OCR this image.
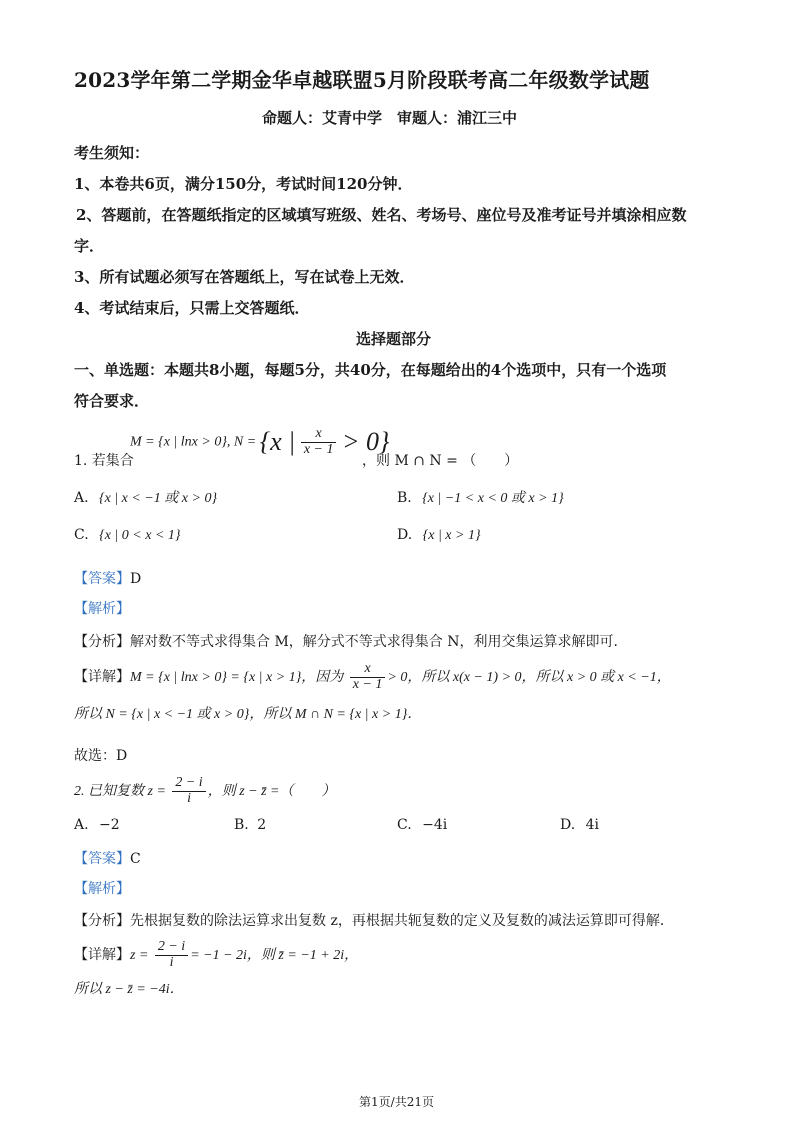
2023学年第二学期金华卓越联盟5月阶段联考高二年级数学试题
命题人：艾青中学　审题人：浦江三中
考生须知：
1、本卷共6页，满分150分，考试时间120分钟．
2、答题前，在答题纸指定的区域填写班级、姓名、考场号、座位号及准考证号并填涂相应数
字．
3、所有试题必须写在答题纸上，写在试卷上无效．
4、考试结束后，只需上交答题纸．
选择题部分
一、单选题：本题共8小题，每题5分，共40分，在每题给出的4个选项中，只有一个选项
符合要求．
1. 若集合
M = {x | lnx > 0}, N = {x | $\frac{x}{x - 1} > 0$}
，则 M ∩ N = （　　）
A. {x | x < −1 或 x > 0}	B. {x | −1 < x < 0 或 x > 1}
C. {x | 0 < x < 1}	D. {x | x > 1}
【答案】D
【解析】
【分析】解对数不等式求得集合 M，解分式不等式求得集合 N，利用交集运算求解即可．
【详解】M = {x | lnx > 0} = {x | x > 1}，因为 $\frac{x}{x - 1} > 0$，所以 x(x − 1) > 0，所以 x > 0 或 x < −1，
所以 N = {x | x < −1 或 x > 0}，所以 M ∩ N = {x | x > 1}．
故选：D
2. 已知复数 $z = \frac{2 - i}{i}$ ，则 z − z̄ =（　　）
A. −2	B. 2	C. −4i	D. 4i
【答案】C
【解析】
【分析】先根据复数的除法运算求出复数 z，再根据共轭复数的定义及复数的减法运算即可得解．
【详解】$z = \frac{2 - i}{i} = -1 - 2i$，则 z̄ = −1 + 2i，
所以 z − z̄ = −4i．
第1页/共21页
